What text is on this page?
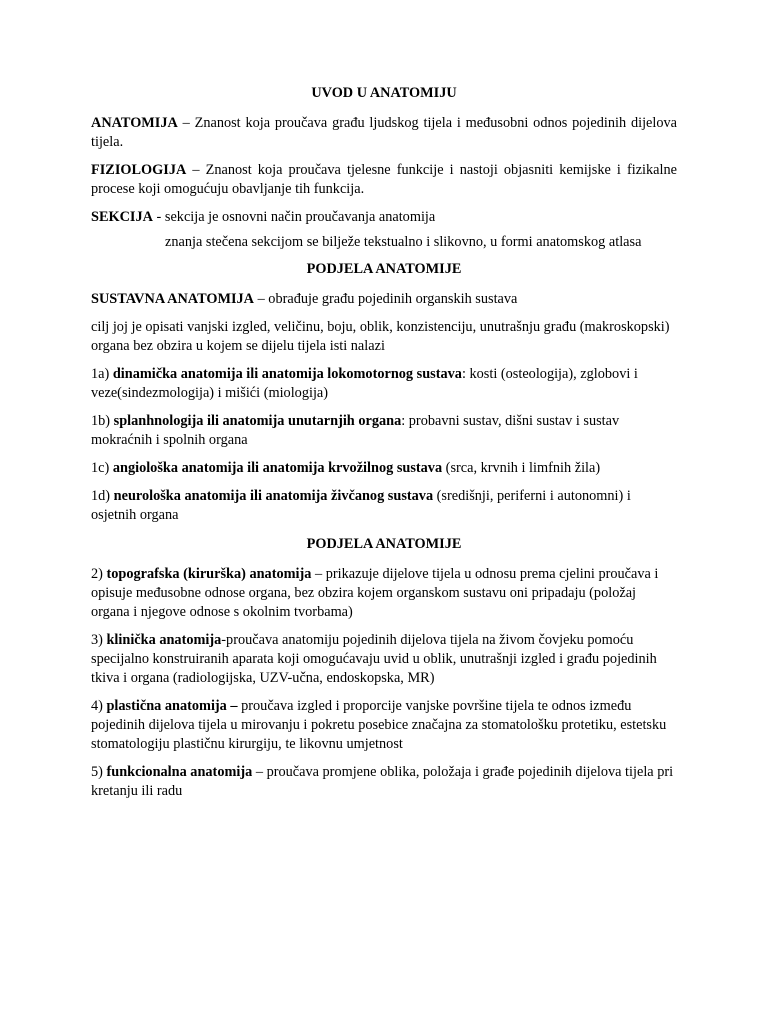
UVOD U ANATOMIJU

ANATOMIJA – Znanost koja proučava građu ljudskog tijela i međusobni odnos pojedinih dijelova tijela.

FIZIOLOGIJA – Znanost koja proučava tjelesne funkcije i nastoji objasniti kemijske i fizikalne procese koji omogućuju obavljanje tih funkcija.

SEKCIJA - sekcija je osnovni način proučavanja anatomija

znanja stečena sekcijom se bilježe tekstualno i slikovno, u formi anatomskog atlasa

PODJELA ANATOMIJE

SUSTAVNA ANATOMIJA – obrađuje građu pojedinih organskih sustava

cilj joj je opisati vanjski izgled, veličinu, boju, oblik, konzistenciju, unutrašnju građu (makroskopski) organa bez obzira u kojem se dijelu tijela isti nalazi

1a) dinamička anatomija ili anatomija lokomotornog sustava: kosti (osteologija), zglobovi i veze(sindezmologija) i mišići (miologija)

1b) splanhnologija ili anatomija unutarnjih organa: probavni sustav, dišni sustav i sustav mokraćnih i spolnih organa

1c) angiološka anatomija ili anatomija krvožilnog sustava (srca, krvnih i limfnih žila)

1d) neurološka anatomija ili anatomija živčanog sustava (središnji, periferni i autonomni) i osjetnih organa

PODJELA ANATOMIJE

2) topografska (kirurška) anatomija – prikazuje dijelove tijela u odnosu prema cjelini proučava i opisuje međusobne odnose organa, bez obzira kojem organskom sustavu oni pripadaju (položaj organa i njegove odnose s okolnim tvorbama)

3) klinička anatomija-proučava anatomiju pojedinih dijelova tijela na živom čovjeku pomoću specijalno konstruiranih aparata koji omogućavaju uvid u oblik, unutrašnji izgled i građu pojedinih tkiva i organa (radiologijska, UZV-učna, endoskopska, MR)

4) plastična anatomija – proučava izgled i proporcije vanjske površine tijela te odnos između pojedinih dijelova tijela u mirovanju i pokretu posebice značajna za stomatološku protetiku, estetsku stomatologiju plastičnu kirurgiju, te likovnu umjetnost

5) funkcionalna anatomija – proučava promjene oblika, položaja i građe pojedinih dijelova tijela pri kretanju ili radu
